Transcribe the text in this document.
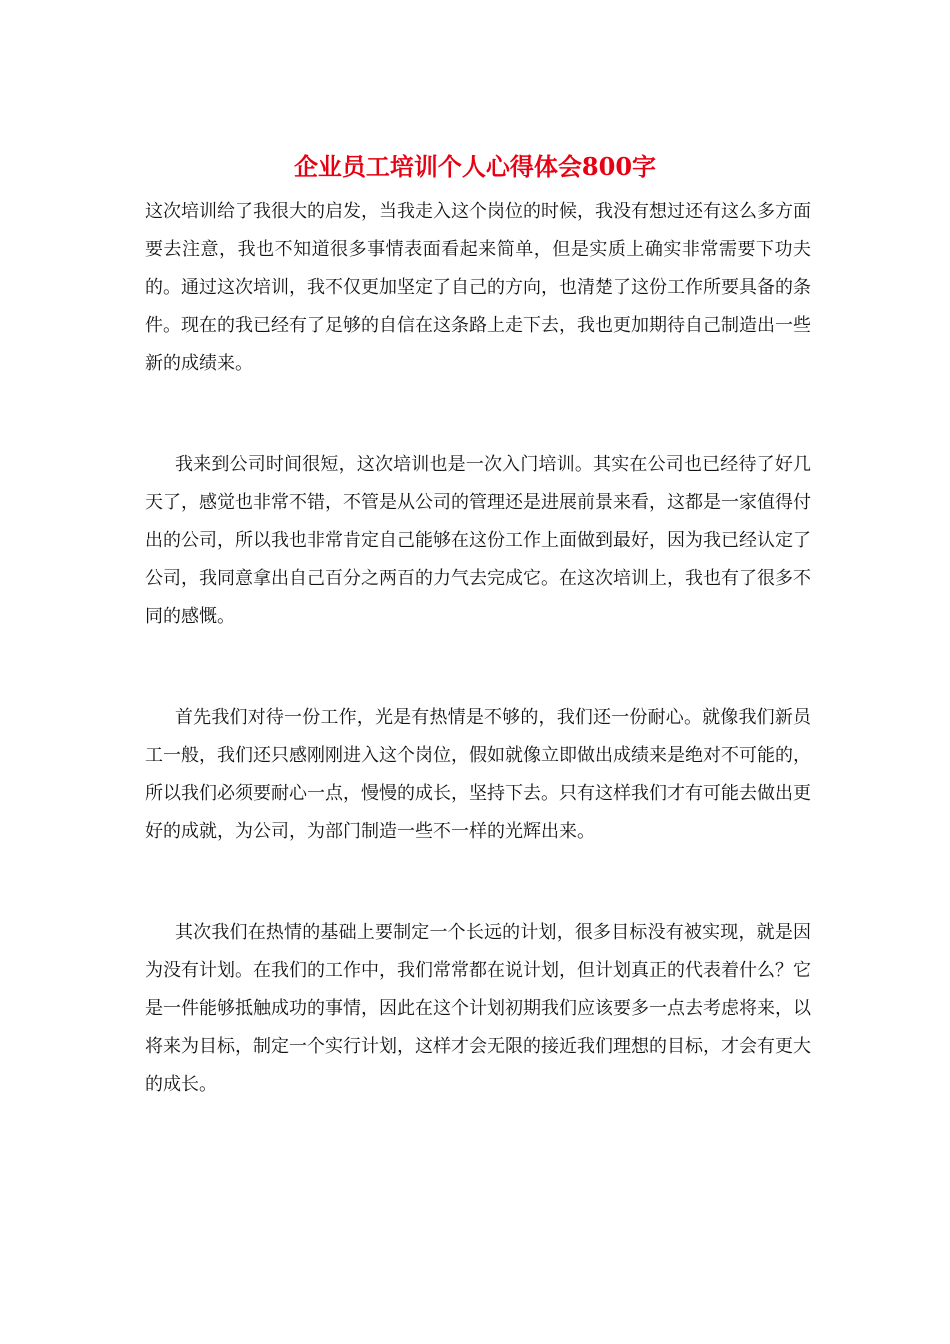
企业员工培训个人心得体会800字

这次培训给了我很大的启发，当我走入这个岗位的时候，我没有想过还有这么多方面要去注意，我也不知道很多事情表面看起来简单，但是实质上确实非常需要下功夫的。通过这次培训，我不仅更加坚定了自己的方向，也清楚了这份工作所要具备的条件。现在的我已经有了足够的自信在这条路上走下去，我也更加期待自己制造出一些新的成绩来。

我来到公司时间很短，这次培训也是一次入门培训。其实在公司也已经待了好几天了，感觉也非常不错，不管是从公司的管理还是进展前景来看，这都是一家值得付出的公司，所以我也非常肯定自己能够在这份工作上面做到最好，因为我已经认定了公司，我同意拿出自己百分之两百的力气去完成它。在这次培训上，我也有了很多不同的感慨。

首先我们对待一份工作，光是有热情是不够的，我们还一份耐心。就像我们新员工一般，我们还只感刚刚进入这个岗位，假如就像立即做出成绩来是绝对不可能的，所以我们必须要耐心一点，慢慢的成长，坚持下去。只有这样我们才有可能去做出更好的成就，为公司，为部门制造一些不一样的光辉出来。

其次我们在热情的基础上要制定一个长远的计划，很多目标没有被实现，就是因为没有计划。在我们的工作中，我们常常都在说计划，但计划真正的代表着什么？它是一件能够抵触成功的事情，因此在这个计划初期我们应该要多一点去考虑将来，以将来为目标，制定一个实行计划，这样才会无限的接近我们理想的目标，才会有更大的成长。
